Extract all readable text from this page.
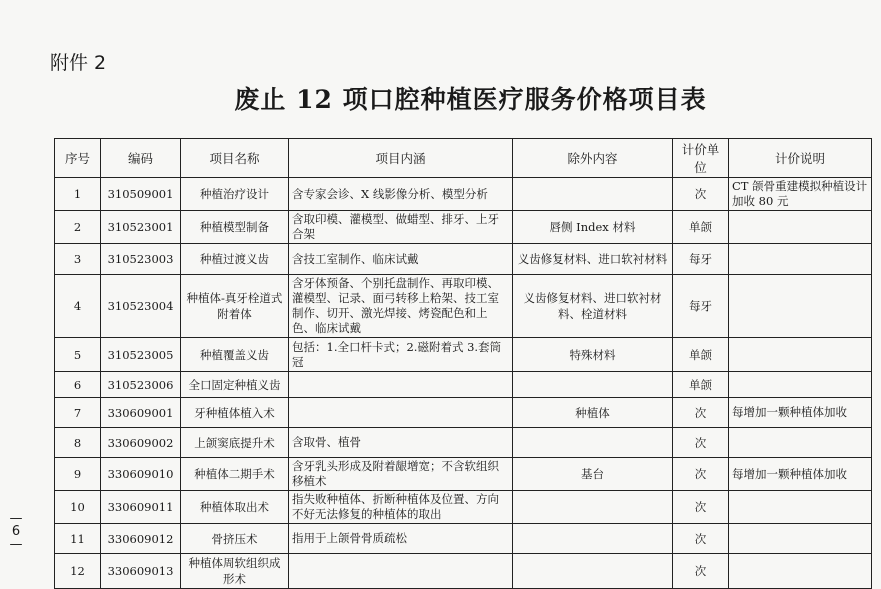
附件 2
废止 12 项口腔种植医疗服务价格项目表
—
6
—
序号	编码	项目名称	项目内涵	除外内容	计价单位	计价说明
1	310509001	种植治疗设计	含专家会诊、X 线影像分析、模型分析		次	CT 颌骨重建模拟种植设计加收 80 元
2	310523001	种植模型制备	含取印模、灌模型、做蜡型、排牙、上牙合架	唇侧 Index 材料	单颌	
3	310523003	种植过渡义齿	含技工室制作、临床试戴	义齿修复材料、进口软衬材料	每牙	
4	310523004	种植体-真牙栓道式附着体	含牙体预备、个别托盘制作、再取印模、灌模型、记录、面弓转移上粭架、技工室制作、切开、激光焊接、烤瓷配色和上色、临床试戴	义齿修复材料、进口软衬材料、栓道材料	每牙	
5	310523005	种植覆盖义齿	包括：1.全口杆卡式；2.磁附着式 3.套筒冠	特殊材料	单颌	
6	310523006	全口固定种植义齿			单颌	
7	330609001	牙种植体植入术		种植体	次	每增加一颗种植体加收
8	330609002	上颌窦底提升术	含取骨、植骨		次	
9	330609010	种植体二期手术	含牙乳头形成及附着龈增宽；不含软组织移植术	基台	次	每增加一颗种植体加收
10	330609011	种植体取出术	指失败种植体、折断种植体及位置、方向不好无法修复的种植体的取出		次	
11	330609012	骨挤压术	指用于上颌骨骨质疏松		次	
12	330609013	种植体周软组织成形术			次	
